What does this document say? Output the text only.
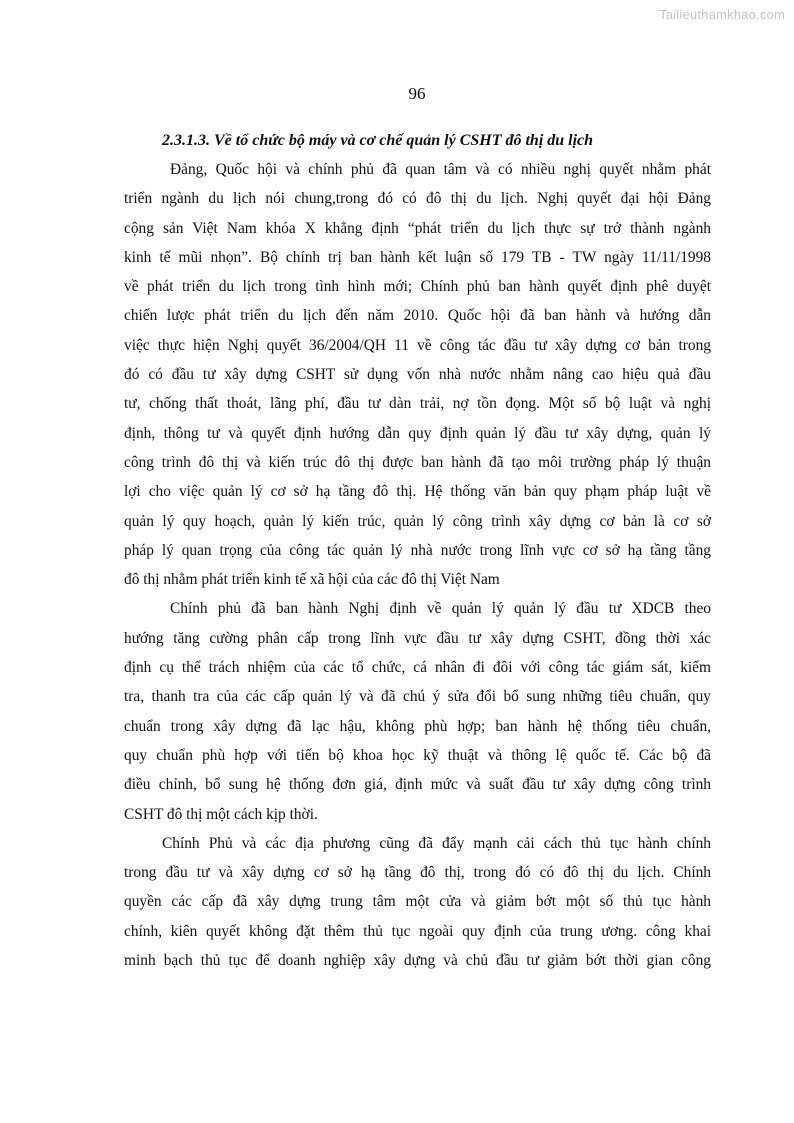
Tailieuthamkhao.com
96
2.3.1.3. Về tổ chức bộ máy và cơ chế quản lý CSHT đô thị du lịch
Đảng, Quốc hội và chính phủ đã quan tâm và có nhiều nghị quyết nhằm phát
triển ngành du lịch nói chung,trong đó có đô thị du lịch. Nghị quyết đại hội Đảng
cộng sản Việt Nam khóa X khẳng định “phát triển du lịch thực sự trở thành ngành
kinh tế mũi nhọn”. Bộ chính trị ban hành kết luận số 179 TB - TW ngày 11/11/1998
về phát triển du lịch trong tình hình mới; Chính phủ ban hành quyết định phê duyệt
chiến lược phát triển du lịch đến năm 2010. Quốc hội đã ban hành và hướng dẫn
việc thực hiện Nghị quyết 36/2004/QH 11 về công tác đầu tư xây dựng cơ bản trong
đó có đầu tư xây dựng CSHT sử dụng vốn nhà nước nhằm nâng cao hiệu quả đầu
tư, chống thất thoát, lãng phí, đầu tư dàn trải, nợ tồn đọng. Một số bộ luật và nghị
định, thông tư và quyết định hướng dẫn quy định quản lý đầu tư xây dựng, quản lý
công trình đô thị và kiến trúc đô thị được ban hành đã tạo môi trường pháp lý thuận
lợi cho việc quản lý cơ sở hạ tầng đô thị. Hệ thống văn bản quy phạm pháp luật về
quản lý quy hoạch, quản lý kiến trúc, quản lý công trình xây dựng cơ bản là cơ sở
pháp lý quan trọng của công tác quản lý nhà nước trong lĩnh vực cơ sở hạ tầng tầng
đô thị nhằm phát triển kinh tế xã hội của các đô thị Việt Nam
Chính phủ đã ban hành Nghị định về quản lý quản lý đầu tư XDCB theo
hướng tăng cường phân cấp trong lĩnh vực đầu tư xây dựng CSHT, đồng thời xác
định cụ thể trách nhiệm của các tổ chức, cá nhân đi đôi với công tác giám sát, kiểm
tra, thanh tra của các cấp quản lý và đã chú ý sửa đổi bổ sung những tiêu chuẩn, quy
chuẩn trong xây dựng đã lạc hậu, không phù hợp; ban hành hệ thống tiêu chuẩn,
quy chuẩn phù hợp với tiến bộ khoa học kỹ thuật và thông lệ quốc tế. Các bộ đã
điều chỉnh, bổ sung hệ thống đơn giá, định mức và suất đầu tư xây dựng công trình
CSHT đô thị một cách kịp thời.
Chính Phủ và các địa phương cũng đã đẩy mạnh cải cách thủ tục hành chính
trong đầu tư và xây dựng cơ sở hạ tầng đô thị, trong đó có đô thị du lịch. Chính
quyền các cấp đã xây dựng trung tâm một cửa và giảm bớt một số thủ tục hành
chính, kiên quyết không đặt thêm thủ tục ngoài quy định của trung ương. công khai
minh bạch thủ tục để doanh nghiệp xây dựng và chủ đầu tư giảm bớt thời gian công
